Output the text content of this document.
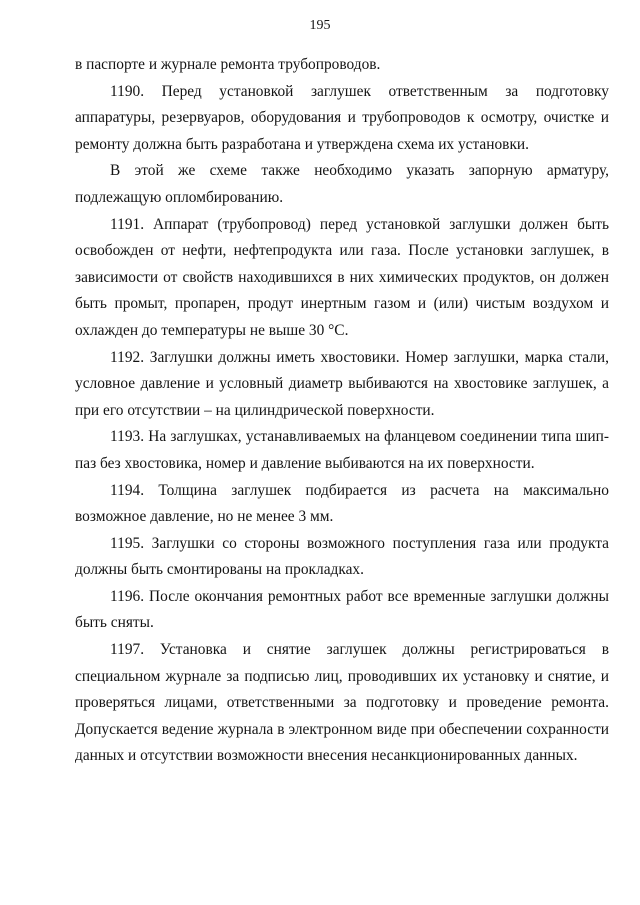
195

в паспорте и журнале ремонта трубопроводов.

1190. Перед установкой заглушек ответственным за подготовку аппаратуры, резервуаров, оборудования и трубопроводов к осмотру, очистке и ремонту должна быть разработана и утверждена схема их установки.

В этой же схеме также необходимо указать запорную арматуру, подлежащую опломбированию.

1191. Аппарат (трубопровод) перед установкой заглушки должен быть освобожден от нефти, нефтепродукта или газа. После установки заглушек, в зависимости от свойств находившихся в них химических продуктов, он должен быть промыт, пропарен, продут инертным газом и (или) чистым воздухом и охлажден до температуры не выше 30 °С.

1192. Заглушки должны иметь хвостовики. Номер заглушки, марка стали, условное давление и условный диаметр выбиваются на хвостовике заглушек, а при его отсутствии – на цилиндрической поверхности.

1193. На заглушках, устанавливаемых на фланцевом соединении типа шип-паз без хвостовика, номер и давление выбиваются на их поверхности.

1194. Толщина заглушек подбирается из расчета на максимально возможное давление, но не менее 3 мм.

1195. Заглушки со стороны возможного поступления газа или продукта должны быть смонтированы на прокладках.

1196. После окончания ремонтных работ все временные заглушки должны быть сняты.

1197. Установка и снятие заглушек должны регистрироваться в специальном журнале за подписью лиц, проводивших их установку и снятие, и проверяться лицами, ответственными за подготовку и проведение ремонта. Допускается ведение журнала в электронном виде при обеспечении сохранности данных и отсутствии возможности внесения несанкционированных данных.
